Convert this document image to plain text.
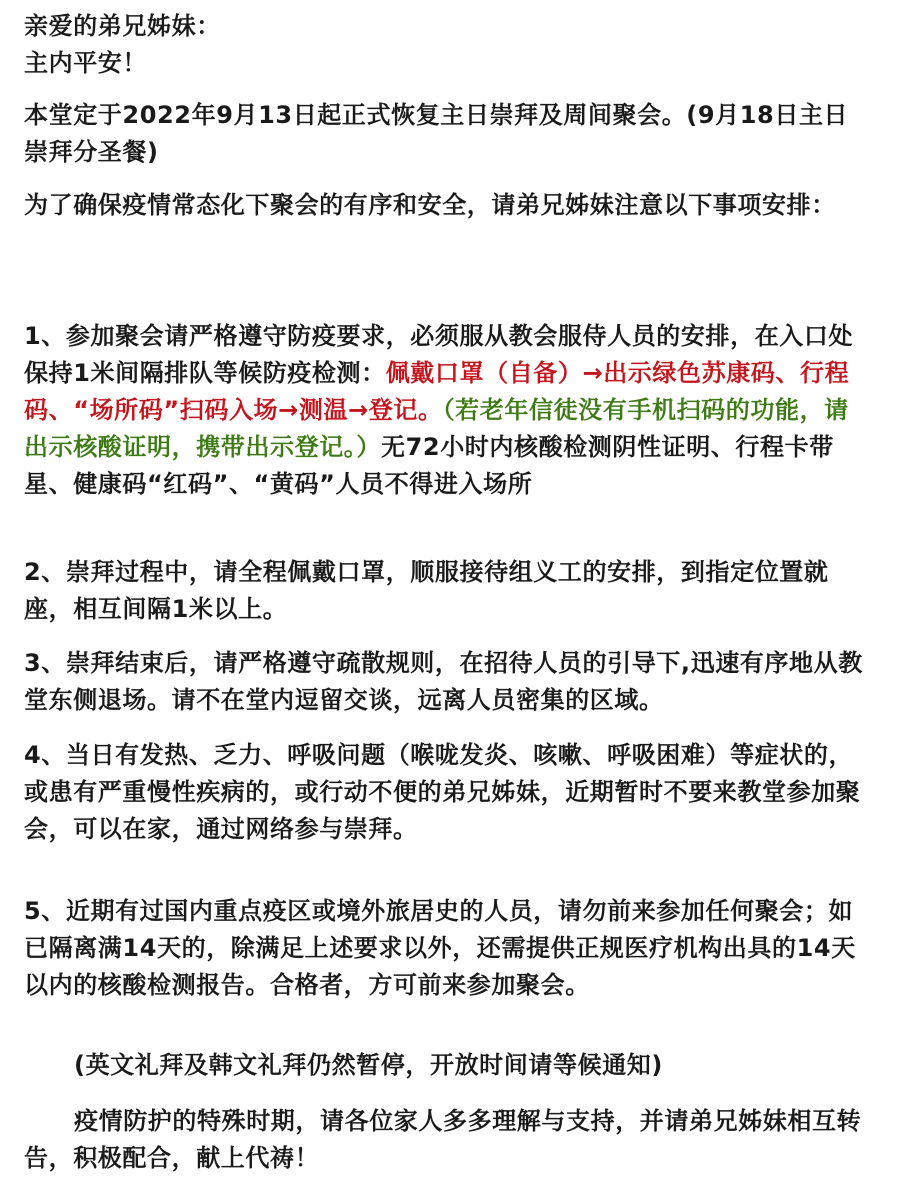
亲爱的弟兄姊妹：

主内平安！

本堂定于2022年9月13日起正式恢复主日崇拜及周间聚会。(9月18日主日崇拜分圣餐)

为了确保疫情常态化下聚会的有序和安全，请弟兄姊妹注意以下事项安排：

1、参加聚会请严格遵守防疫要求，必须服从教会服侍人员的安排，在入口处保持1米间隔排队等候防疫检测：佩戴口罩（自备）→出示绿色苏康码、行程码、“场所码”扫码入场→测温→登记。（若老年信徒没有手机扫码的功能，请出示核酸证明，携带出示登记。）无72小时内核酸检测阴性证明、行程卡带星、健康码“红码”、“黄码”人员不得进入场所

2、崇拜过程中，请全程佩戴口罩，顺服接待组义工的安排，到指定位置就座，相互间隔1米以上。

3、崇拜结束后，请严格遵守疏散规则，在招待人员的引导下,迅速有序地从教堂东侧退场。请不在堂内逗留交谈，远离人员密集的区域。

4、当日有发热、乏力、呼吸问题（喉咙发炎、咳嗽、呼吸困难）等症状的，或患有严重慢性疾病的，或行动不便的弟兄姊妹，近期暂时不要来教堂参加聚会，可以在家，通过网络参与崇拜。

5、近期有过国内重点疫区或境外旅居史的人员，请勿前来参加任何聚会；如已隔离满14天的，除满足上述要求以外，还需提供正规医疗机构出具的14天以内的核酸检测报告。合格者，方可前来参加聚会。

(英文礼拜及韩文礼拜仍然暂停，开放时间请等候通知)

疫情防护的特殊时期，请各位家人多多理解与支持，并请弟兄姊妹相互转告，积极配合，献上代祷！
